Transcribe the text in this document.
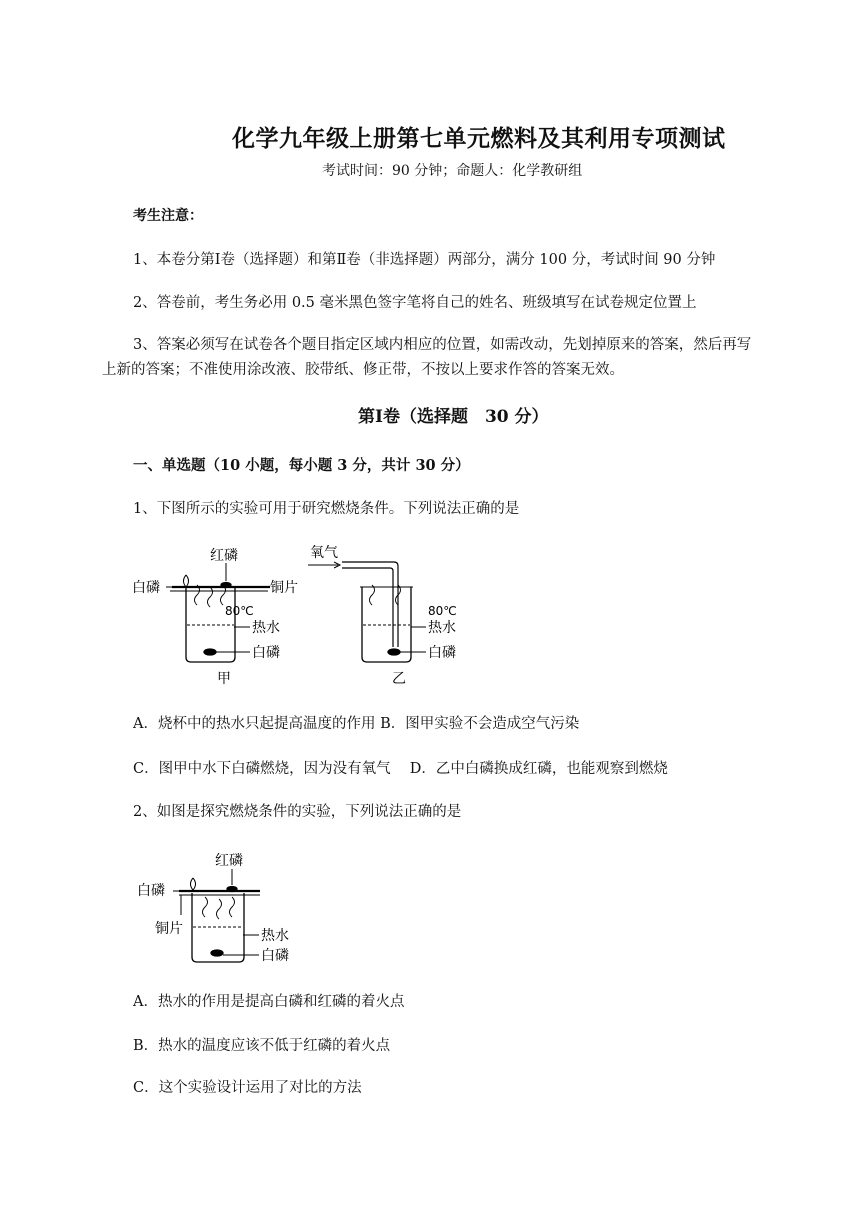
化学九年级上册第七单元燃料及其利用专项测试
考试时间：90 分钟；命题人：化学教研组
考生注意：
1、本卷分第Ⅰ卷（选择题）和第Ⅱ卷（非选择题）两部分，满分 100 分，考试时间 90 分钟
2、答卷前，考生务必用 0.5 毫米黑色签字笔将自己的姓名、班级填写在试卷规定位置上
3、答案必须写在试卷各个题目指定区域内相应的位置，如需改动，先划掉原来的答案，然后再写
上新的答案；不准使用涂改液、胶带纸、修正带，不按以上要求作答的答案无效。
第Ⅰ卷（选择题　30 分）
一、单选题（10 小题，每小题 3 分，共计 30 分）
1、下图所示的实验可用于研究燃烧条件。下列说法正确的是
红磷
白磷	铜片
80℃
热水
白磷
甲
氧气
80℃
热水
白磷
乙
A．烧杯中的热水只起提高温度的作用 B．图甲实验不会造成空气污染
C．图甲中水下白磷燃烧，因为没有氧气　 D．乙中白磷换成红磷，也能观察到燃烧
2、如图是探究燃烧条件的实验，下列说法正确的是
红磷
白磷
铜片	热水
白磷
A．热水的作用是提高白磷和红磷的着火点
B．热水的温度应该不低于红磷的着火点
C．这个实验设计运用了对比的方法
